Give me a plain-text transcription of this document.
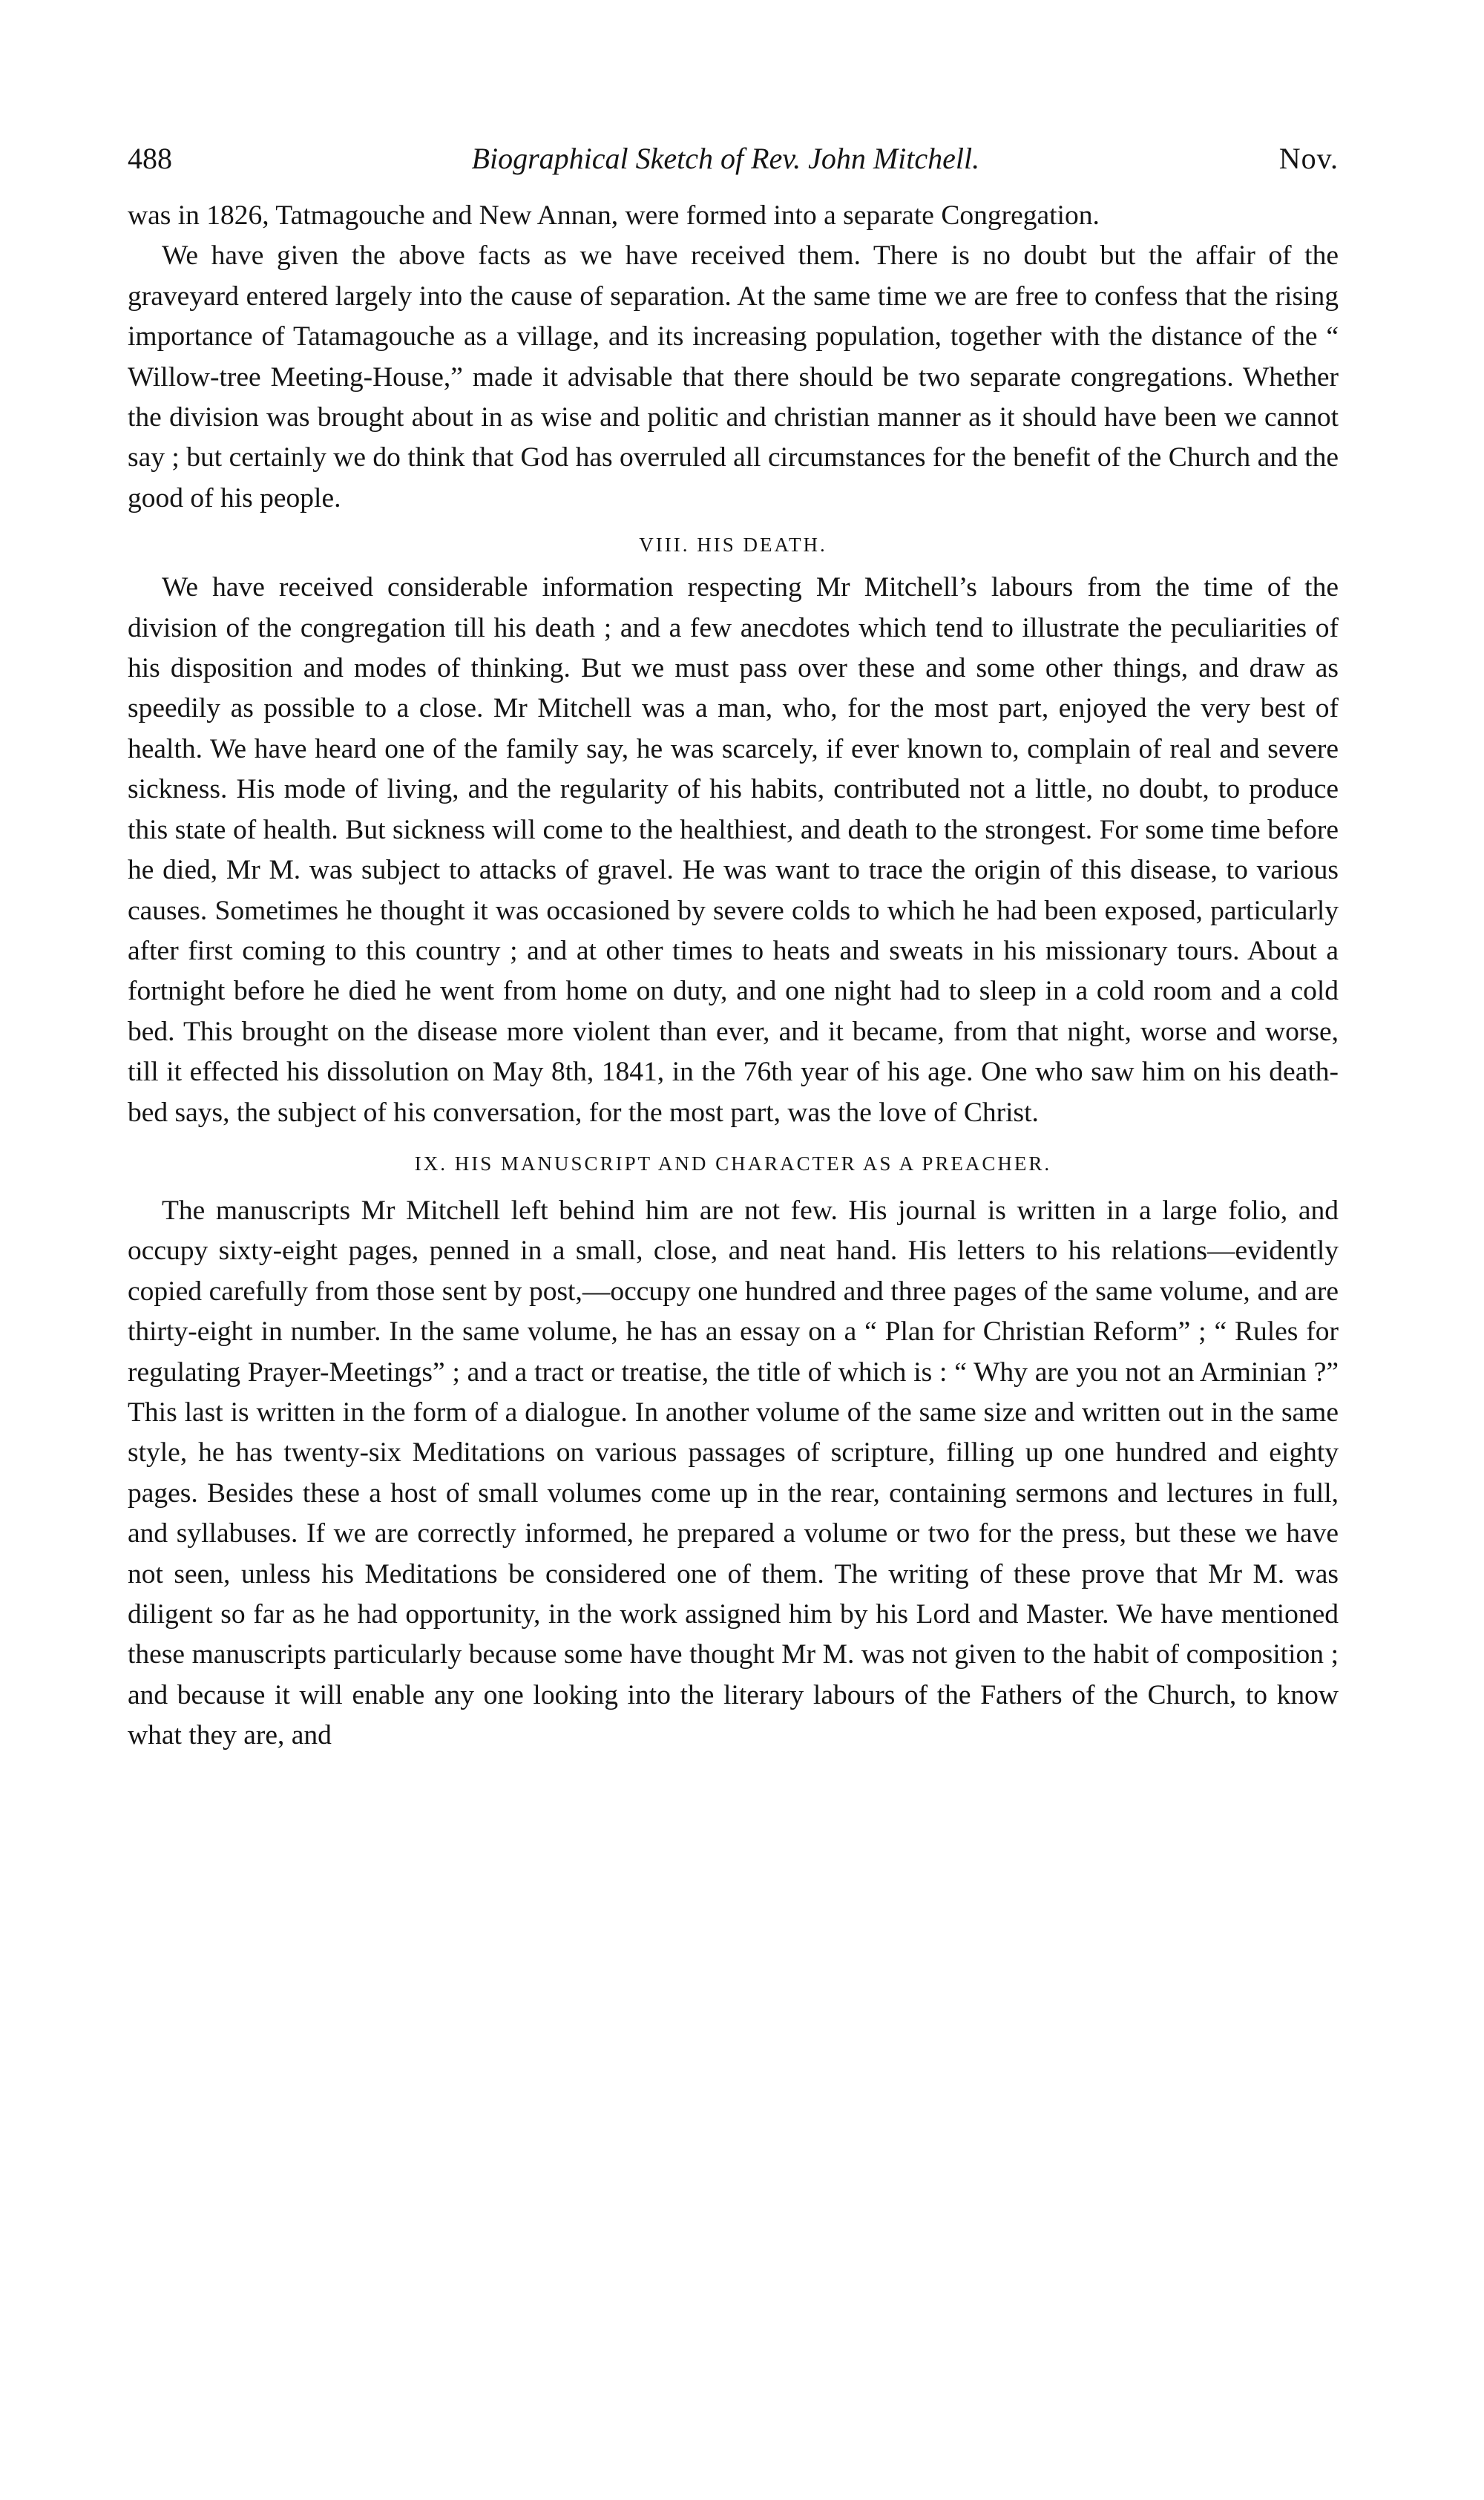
488	Biographical Sketch of Rev. John Mitchell.	Nov.

was in 1826, Tatmagouche and New Annan, were formed into a separate Congregation.

We have given the above facts as we have received them. There is no doubt but the affair of the graveyard entered largely into the cause of separation. At the same time we are free to confess that the rising importance of Tatamagouche as a village, and its increasing population, together with the distance of the “ Willow-tree Meeting-House,” made it advisable that there should be two separate congregations. Whether the division was brought about in as wise and politic and christian manner as it should have been we cannot say ; but certainly we do think that God has overruled all circumstances for the benefit of the Church and the good of his people.

VIII. HIS DEATH.

We have received considerable information respecting Mr Mitchell’s labours from the time of the division of the congregation till his death ; and a few anecdotes which tend to illustrate the peculiarities of his disposition and modes of thinking. But we must pass over these and some other things, and draw as speedily as possible to a close. Mr Mitchell was a man, who, for the most part, enjoyed the very best of health. We have heard one of the family say, he was scarcely, if ever known to, complain of real and severe sickness. His mode of living, and the regularity of his habits, contributed not a little, no doubt, to produce this state of health. But sickness will come to the healthiest, and death to the strongest. For some time before he died, Mr M. was subject to attacks of gravel. He was want to trace the origin of this disease, to various causes. Sometimes he thought it was occasioned by severe colds to which he had been exposed, particularly after first coming to this country ; and at other times to heats and sweats in his missionary tours. About a fortnight before he died he went from home on duty, and one night had to sleep in a cold room and a cold bed. This brought on the disease more violent than ever, and it became, from that night, worse and worse, till it effected his dissolution on May 8th, 1841, in the 76th year of his age. One who saw him on his death-bed says, the subject of his conversation, for the most part, was the love of Christ.

IX. HIS MANUSCRIPT AND CHARACTER AS A PREACHER.

The manuscripts Mr Mitchell left behind him are not few. His journal is written in a large folio, and occupy sixty-eight pages, penned in a small, close, and neat hand. His letters to his relations—evidently copied carefully from those sent by post,—occupy one hundred and three pages of the same volume, and are thirty-eight in number. In the same volume, he has an essay on a “ Plan for Christian Reform” ; “ Rules for regulating Prayer-Meetings” ; and a tract or treatise, the title of which is : “ Why are you not an Arminian ?” This last is written in the form of a dialogue. In another volume of the same size and written out in the same style, he has twenty-six Meditations on various passages of scripture, filling up one hundred and eighty pages. Besides these a host of small volumes come up in the rear, containing sermons and lectures in full, and syllabuses. If we are correctly informed, he prepared a volume or two for the press, but these we have not seen, unless his Meditations be considered one of them. The writing of these prove that Mr M. was diligent so far as he had opportunity, in the work assigned him by his Lord and Master. We have mentioned these manuscripts particularly because some have thought Mr M. was not given to the habit of composition ; and because it will enable any one looking into the literary labours of the Fathers of the Church, to know what they are, and
